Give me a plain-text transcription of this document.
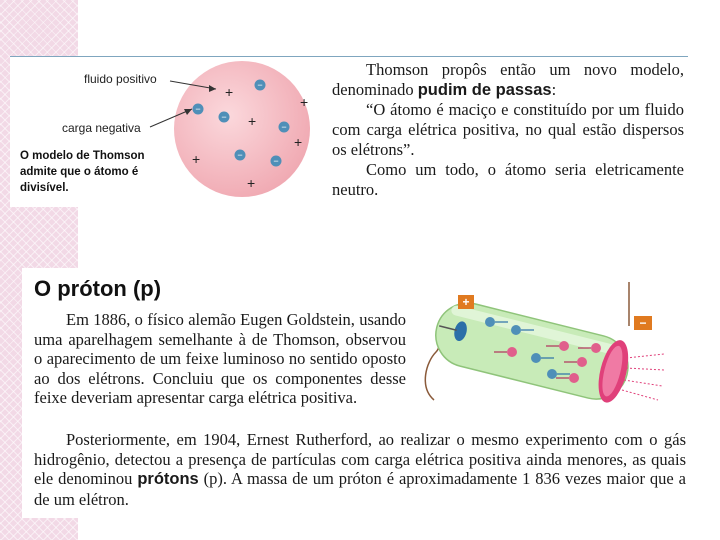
−
−
−
−
−
−
+
+
+
+
+
+
fluido positivo
carga negativa
O modelo de Thomson admite que o átomo é divisível.

Thomson propôs então um novo modelo, denominado pudim de passas:

“O átomo é maciço e constituído por um fluido com carga elétrica positiva, no qual estão dispersos os elétrons”.

Como um todo, o átomo seria eletricamente neutro.

O próton (p)

Em 1886, o físico alemão Eugen Goldstein, usando uma aparelhagem semelhante à de Thomson, observou o aparecimento de um feixe luminoso no sentido oposto ao dos elétrons. Concluiu que os componentes desse feixe deveriam apresentar carga elétrica positiva.

Posteriormente, em 1904, Ernest Rutherford, ao realizar o mesmo experimento com o gás hidrogênio, detectou a presença de partículas com carga elétrica positiva ainda menores, as quais ele denominou prótons (p). A massa de um próton é aproximadamente 1 836 vezes maior que a de um elétron.

+
−
